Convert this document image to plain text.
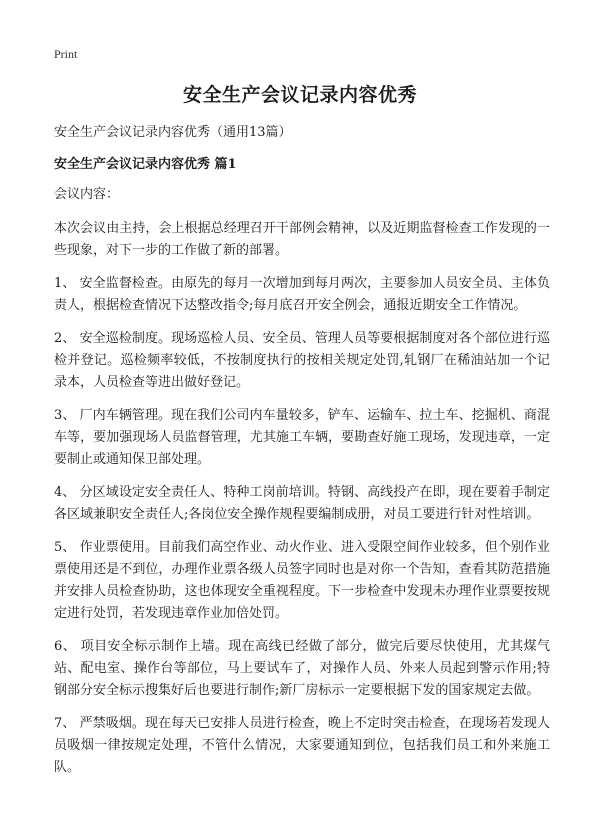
Print
安全生产会议记录内容优秀
安全生产会议记录内容优秀（通用13篇）
安全生产会议记录内容优秀 篇1

会议内容：

本次会议由主持，会上根据总经理召开干部例会精神，以及近期监督检查工作发现的一些现象，对下一步的工作做了新的部署。

1、 安全监督检查。由原先的每月一次增加到每月两次，主要参加人员安全员、主体负责人，根据检查情况下达整改指令;每月底召开安全例会，通报近期安全工作情况。

2、 安全巡检制度。现场巡检人员、安全员、管理人员等要根据制度对各个部位进行巡检并登记。巡检频率较低，不按制度执行的按相关规定处罚,轧钢厂在稀油站加一个记录本，人员检查等进出做好登记。

3、 厂内车辆管理。现在我们公司内车量较多，铲车、运输车、拉土车、挖掘机、商混车等，要加强现场人员监督管理，尤其施工车辆，要勘查好施工现场，发现违章，一定要制止或通知保卫部处理。

4、 分区域设定安全责任人、特种工岗前培训。特钢、高线投产在即，现在要着手制定各区域兼职安全责任人;各岗位安全操作规程要编制成册，对员工要进行针对性培训。

5、 作业票使用。目前我们高空作业、动火作业、进入受限空间作业较多，但个别作业票使用还是不到位，办理作业票各级人员签字同时也是对你一个告知，查看其防范措施并安排人员检查协助，这也体现安全重视程度。下一步检查中发现未办理作业票要按规定进行处罚，若发现违章作业加倍处罚。

6、 项目安全标示制作上墙。现在高线已经做了部分，做完后要尽快使用，尤其煤气站、配电室、操作台等部位，马上要试车了，对操作人员、外来人员起到警示作用;特钢部分安全标示搜集好后也要进行制作;新厂房标示一定要根据下发的国家规定去做。

7、 严禁吸烟。现在每天已安排人员进行检查，晚上不定时突击检查，在现场若发现人员吸烟一律按规定处理，不管什么情况，大家要通知到位，包括我们员工和外来施工队。
